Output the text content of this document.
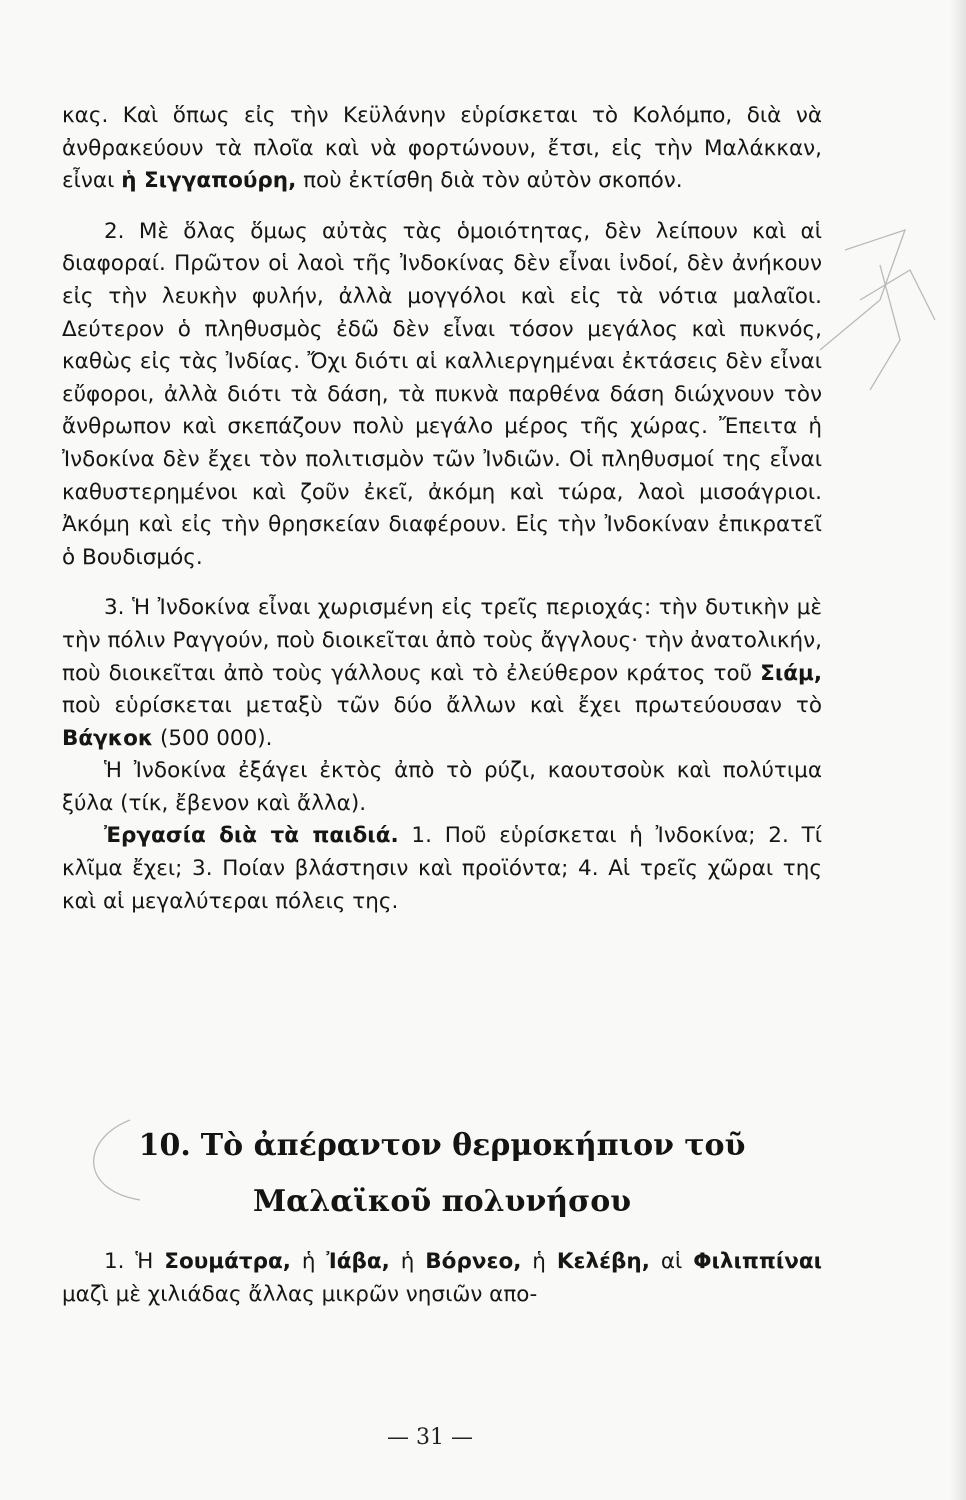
κας. Καὶ ὅπως εἰς τὴν Κεϋλάνην εὑρίσκεται τὸ Κολόμπο, διὰ νὰ ἀνθρακεύουν τὰ πλοῖα καὶ νὰ φορτώνουν, ἔτσι, εἰς τὴν Μαλάκκαν, εἶναι ἡ Σιγγαπούρη, ποὺ ἐκτίσθη διὰ τὸν αὐτὸν σκοπόν.

2. Μὲ ὅλας ὅμως αὐτὰς τὰς ὁμοιότητας, δὲν λείπουν καὶ αἱ διαφοραί. Πρῶτον οἱ λαοὶ τῆς Ἰνδοκίνας δὲν εἶναι ἰνδοί, δὲν ἀνήκουν εἰς τὴν λευκὴν φυλήν, ἀλλὰ μογγόλοι καὶ εἰς τὰ νότια μαλαῖοι. Δεύτερον ὁ πληθυσμὸς ἐδῶ δὲν εἶναι τόσον μεγάλος καὶ πυκνός, καθὼς εἰς τὰς Ἰνδίας. Ὄχι διότι αἱ καλλιεργημέναι ἐκτάσεις δὲν εἶναι εὔφοροι, ἀλλὰ διότι τὰ δάση, τὰ πυκνὰ παρθένα δάση διώχνουν τὸν ἄνθρωπον καὶ σκεπάζουν πολὺ μεγάλο μέρος τῆς χώρας. Ἔπειτα ἡ Ἰνδοκίνα δὲν ἔχει τὸν πολιτισμὸν τῶν Ἰνδιῶν. Οἱ πληθυσμοί της εἶναι καθυστερημένοι καὶ ζοῦν ἐκεῖ, ἀκόμη καὶ τώρα, λαοὶ μισοάγριοι. Ἀκόμη καὶ εἰς τὴν θρησκείαν διαφέρουν. Εἰς τὴν Ἰνδοκίναν ἐπικρατεῖ ὁ Βουδισμός.

3. Ἡ Ἰνδοκίνα εἶναι χωρισμένη εἰς τρεῖς περιοχάς: τὴν δυτικὴν μὲ τὴν πόλιν Ραγγούν, ποὺ διοικεῖται ἀπὸ τοὺς ἄγγλους· τὴν ἀνατολικήν, ποὺ διοικεῖται ἀπὸ τοὺς γάλλους καὶ τὸ ἐλεύθερον κράτος τοῦ Σιάμ, ποὺ εὑρίσκεται μεταξὺ τῶν δύο ἄλλων καὶ ἔχει πρωτεύουσαν τὸ Βάγκοκ (500 000).

Ἡ Ἰνδοκίνα ἐξάγει ἐκτὸς ἀπὸ τὸ ρύζι, καουτσοὺκ καὶ πολύτιμα ξύλα (τίκ, ἔβενον καὶ ἄλλα).

Ἐργασία διὰ τὰ παιδιά. 1. Ποῦ εὑρίσκεται ἡ Ἰνδοκίνα; 2. Τί κλῖμα ἔχει; 3. Ποίαν βλάστησιν καὶ προϊόντα; 4. Αἱ τρεῖς χῶραι της καὶ αἱ μεγαλύτεραι πόλεις της.

10. Τὸ ἀπέραντον θερμοκήπιον τοῦ
Μαλαϊκοῦ πολυνήσου

1. Ἡ Σουμάτρα, ἡ Ἰάβα, ἡ Βόρνεο, ἡ Κελέβη, αἱ Φιλιππίναι μαζὶ μὲ χιλιάδας ἄλλας μικρῶν νησιῶν απο-

— 31 —
